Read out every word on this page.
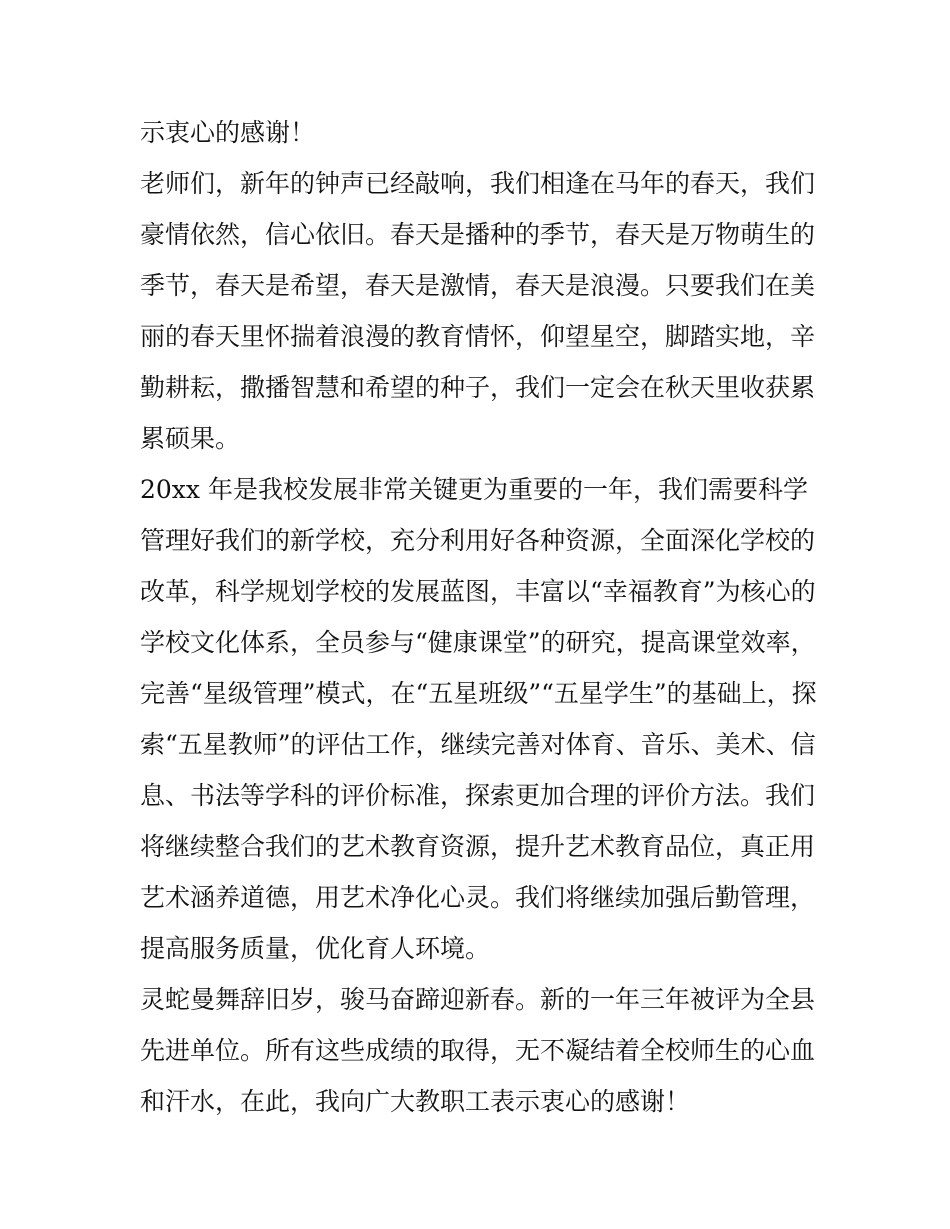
示衷心的感谢！
老师们，新年的钟声已经敲响，我们相逢在马年的春天，我们
豪情依然，信心依旧。春天是播种的季节，春天是万物萌生的
季节，春天是希望，春天是激情，春天是浪漫。只要我们在美
丽的春天里怀揣着浪漫的教育情怀，仰望星空，脚踏实地，辛
勤耕耘，撒播智慧和希望的种子，我们一定会在秋天里收获累
累硕果。
20xx 年是我校发展非常关键更为重要的一年，我们需要科学
管理好我们的新学校，充分利用好各种资源，全面深化学校的
改革，科学规划学校的发展蓝图，丰富以“幸福教育”为核心的
学校文化体系，全员参与“健康课堂”的研究，提高课堂效率，
完善“星级管理”模式，在“五星班级”“五星学生”的基础上，探
索“五星教师”的评估工作，继续完善对体育、音乐、美术、信
息、书法等学科的评价标准，探索更加合理的评价方法。我们
将继续整合我们的艺术教育资源，提升艺术教育品位，真正用
艺术涵养道德，用艺术净化心灵。我们将继续加强后勤管理，
提高服务质量，优化育人环境。
灵蛇曼舞辞旧岁，骏马奋蹄迎新春。新的一年三年被评为全县
先进单位。所有这些成绩的取得，无不凝结着全校师生的心血
和汗水，在此，我向广大教职工表示衷心的感谢！
